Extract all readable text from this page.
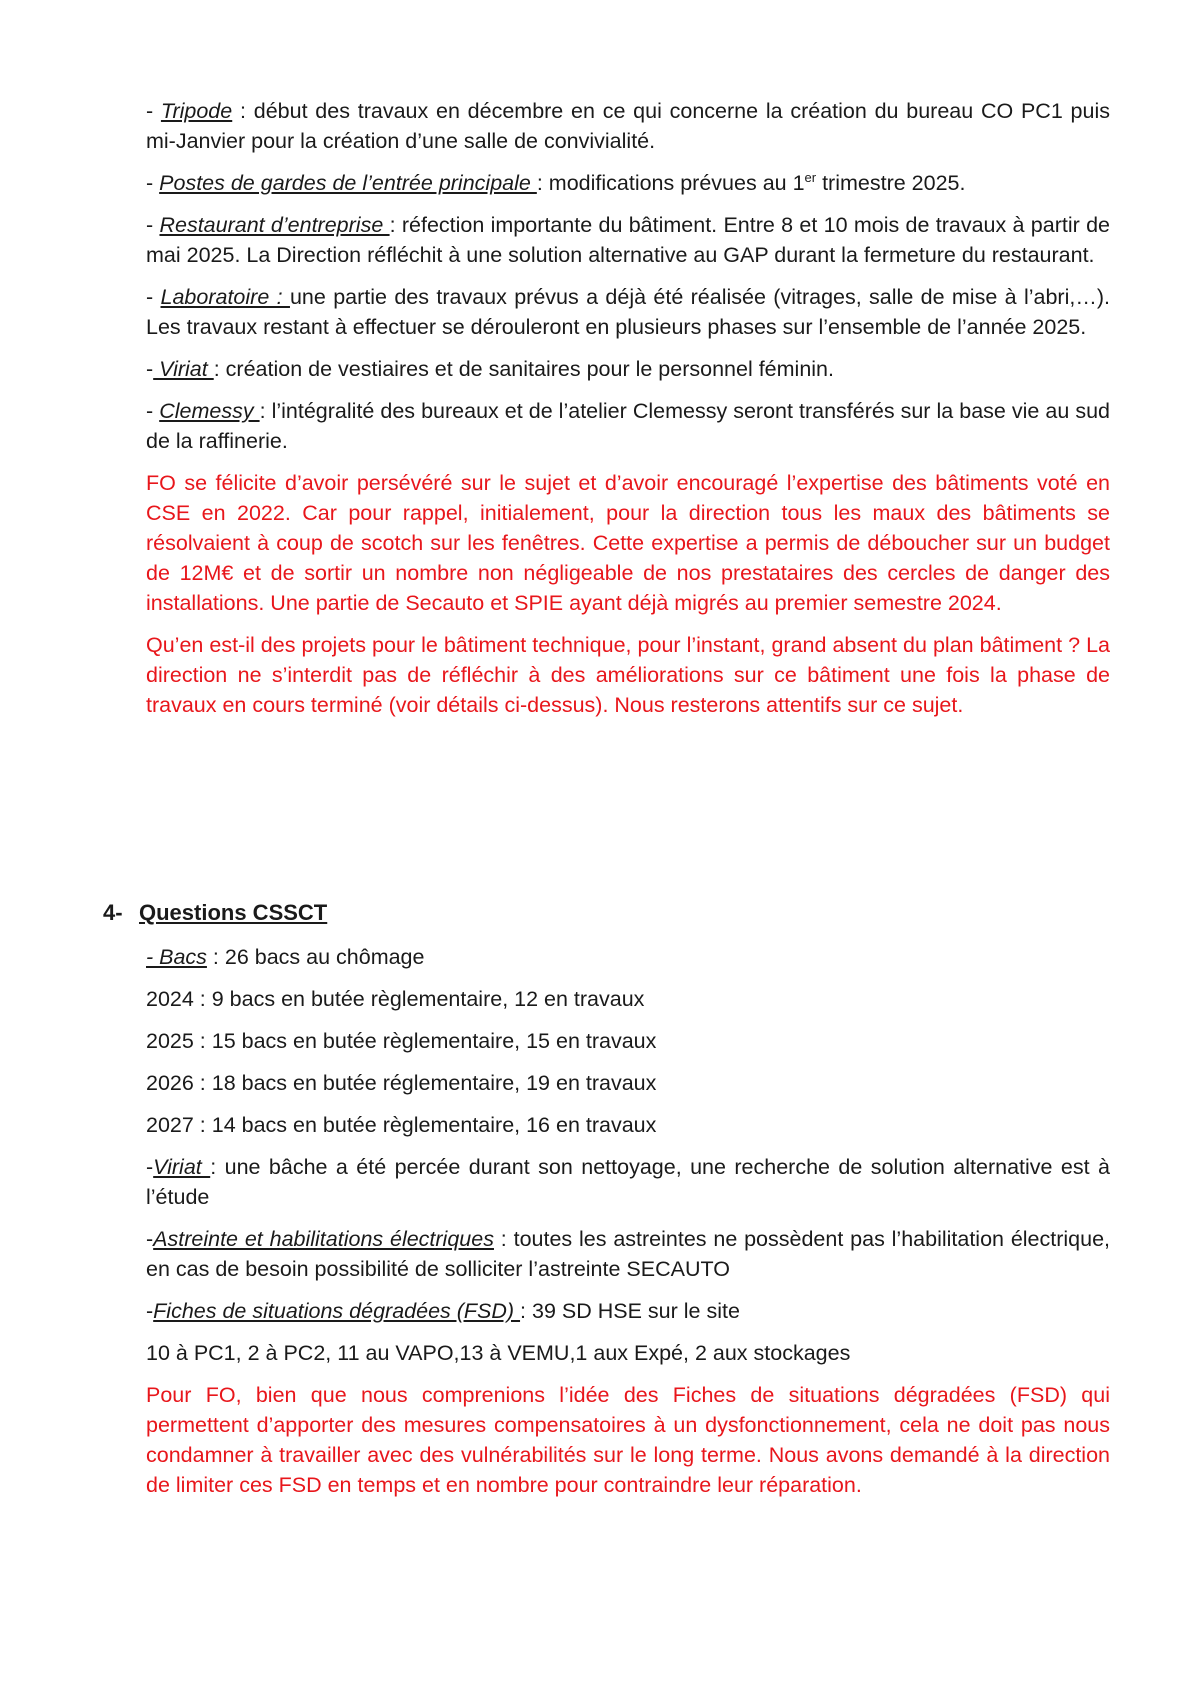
- Tripode : début des travaux en décembre en ce qui concerne la création du bureau CO PC1 puis mi-Janvier pour la création d’une salle de convivialité.

- Postes de gardes de l’entrée principale : modifications prévues au 1er trimestre 2025.

- Restaurant d’entreprise : réfection importante du bâtiment. Entre 8 et 10 mois de travaux à partir de mai 2025. La Direction réfléchit à une solution alternative au GAP durant la fermeture du restaurant.

- Laboratoire : une partie des travaux prévus a déjà été réalisée (vitrages, salle de mise à l’abri,…). Les travaux restant à effectuer se dérouleront en plusieurs phases sur l’ensemble de l’année 2025.

- Viriat : création de vestiaires et de sanitaires pour le personnel féminin.

- Clemessy : l’intégralité des bureaux et de l’atelier Clemessy seront transférés sur la base vie au sud de la raffinerie.

FO se félicite d’avoir persévéré sur le sujet et d’avoir encouragé l’expertise des bâtiments voté en CSE en 2022. Car pour rappel, initialement, pour la direction tous les maux des bâtiments se résolvaient à coup de scotch sur les fenêtres. Cette expertise a permis de déboucher sur un budget de 12M€ et de sortir un nombre non négligeable de nos prestataires des cercles de danger des installations. Une partie de Secauto et SPIE ayant déjà migrés au premier semestre 2024.

Qu’en est-il des projets pour le bâtiment technique, pour l’instant, grand absent du plan bâtiment ? La direction ne s’interdit pas de réfléchir à des améliorations sur ce bâtiment une fois la phase de travaux en cours terminé (voir détails ci-dessus). Nous resterons attentifs sur ce sujet.

4- Questions CSSCT

- Bacs : 26 bacs au chômage

2024 : 9 bacs en butée règlementaire, 12 en travaux

2025 : 15 bacs en butée règlementaire, 15 en travaux

2026 : 18 bacs en butée réglementaire, 19 en travaux

2027 : 14 bacs en butée règlementaire, 16 en travaux

-Viriat : une bâche a été percée durant son nettoyage, une recherche de solution alternative est à l’étude

-Astreinte et habilitations électriques : toutes les astreintes ne possèdent pas l’habilitation électrique, en cas de besoin possibilité de solliciter l’astreinte SECAUTO

-Fiches de situations dégradées (FSD) : 39 SD HSE sur le site

10 à PC1, 2 à PC2, 11 au VAPO,13 à VEMU,1 aux Expé, 2 aux stockages

Pour FO, bien que nous comprenions l’idée des Fiches de situations dégradées (FSD) qui permettent d’apporter des mesures compensatoires à un dysfonctionnement, cela ne doit pas nous condamner à travailler avec des vulnérabilités sur le long terme. Nous avons demandé à la direction de limiter ces FSD en temps et en nombre pour contraindre leur réparation.
